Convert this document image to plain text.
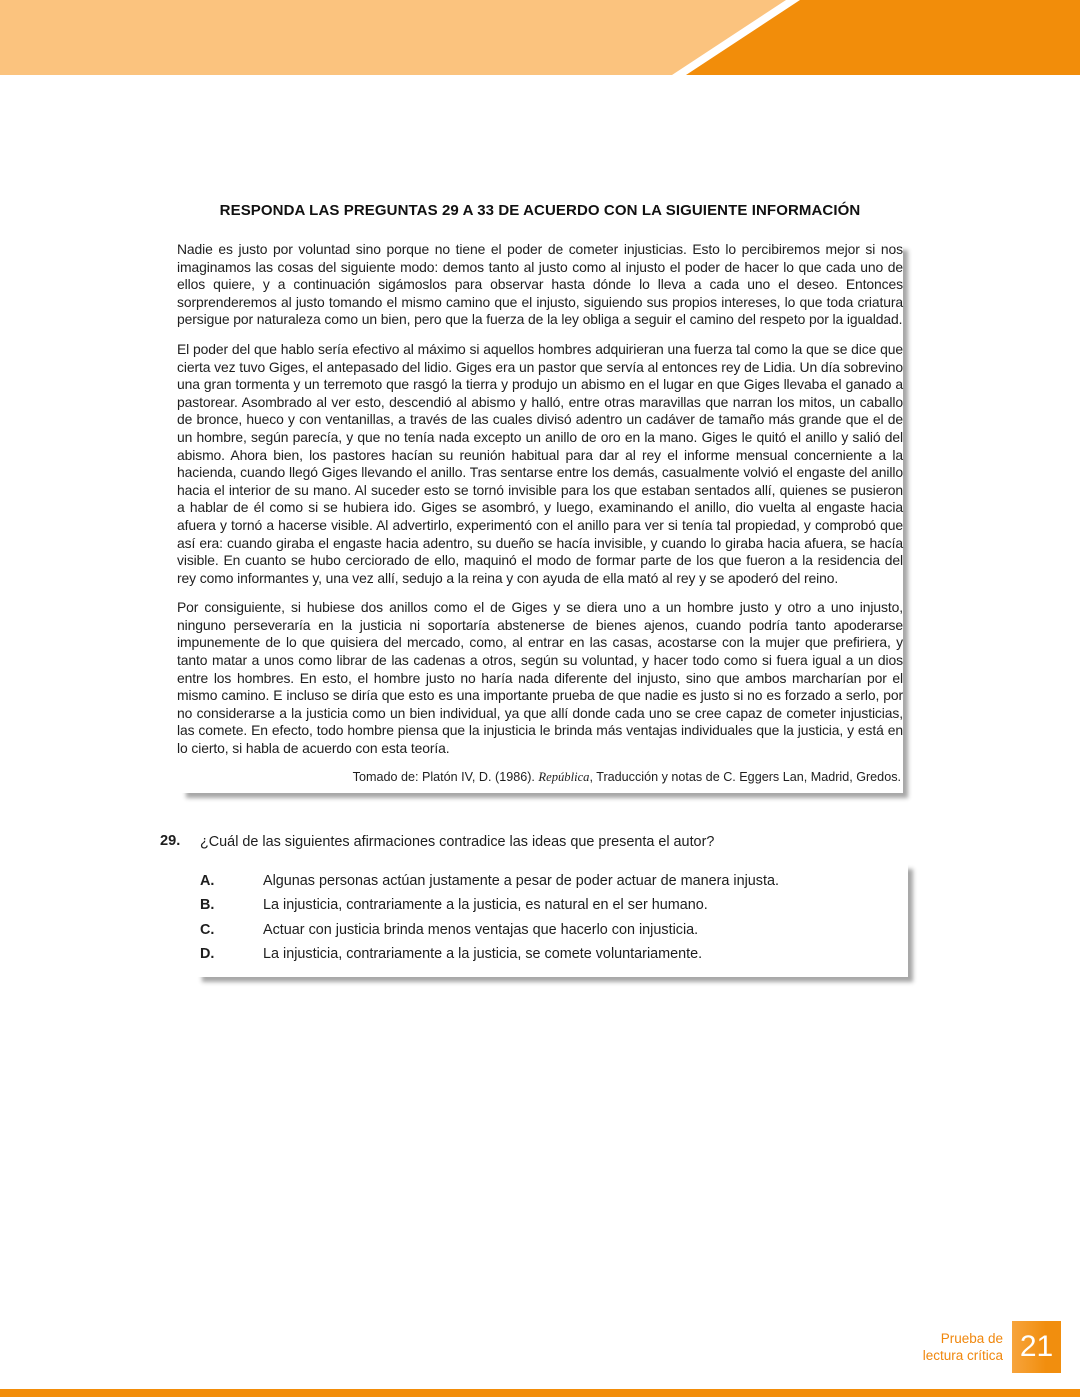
RESPONDA LAS PREGUNTAS 29 A 33 DE ACUERDO CON LA SIGUIENTE INFORMACIÓN

Nadie es justo por voluntad sino porque no tiene el poder de cometer injusticias. Esto lo percibiremos mejor si nos imaginamos las cosas del siguiente modo: demos tanto al justo como al injusto el poder de hacer lo que cada uno de ellos quiere, y a continuación sigámoslos para observar hasta dónde lo lleva a cada uno el deseo. Entonces sorprenderemos al justo tomando el mismo camino que el injusto, siguiendo sus propios intereses, lo que toda criatura persigue por naturaleza como un bien, pero que la fuerza de la ley obliga a seguir el camino del respeto por la igualdad.

El poder del que hablo sería efectivo al máximo si aquellos hombres adquirieran una fuerza tal como la que se dice que cierta vez tuvo Giges, el antepasado del lidio. Giges era un pastor que servía al entonces rey de Lidia. Un día sobrevino una gran tormenta y un terremoto que rasgó la tierra y produjo un abismo en el lugar en que Giges llevaba el ganado a pastorear. Asombrado al ver esto, descendió al abismo y halló, entre otras maravillas que narran los mitos, un caballo de bronce, hueco y con ventanillas, a través de las cuales divisó adentro un cadáver de tamaño más grande que el de un hombre, según parecía, y que no tenía nada excepto un anillo de oro en la mano. Giges le quitó el anillo y salió del abismo. Ahora bien, los pastores hacían su reunión habitual para dar al rey el informe mensual concerniente a la hacienda, cuando llegó Giges llevando el anillo. Tras sentarse entre los demás, casualmente volvió el engaste del anillo hacia el interior de su mano. Al suceder esto se tornó invisible para los que estaban sentados allí, quienes se pusieron a hablar de él como si se hubiera ido. Giges se asombró, y luego, examinando el anillo, dio vuelta al engaste hacia afuera y tornó a hacerse visible. Al advertirlo, experimentó con el anillo para ver si tenía tal propiedad, y comprobó que así era: cuando giraba el engaste hacia adentro, su dueño se hacía invisible, y cuando lo giraba hacia afuera, se hacía visible. En cuanto se hubo cerciorado de ello, maquinó el modo de formar parte de los que fueron a la residencia del rey como informantes y, una vez allí, sedujo a la reina y con ayuda de ella mató al rey y se apoderó del reino.

Por consiguiente, si hubiese dos anillos como el de Giges y se diera uno a un hombre justo y otro a uno injusto, ninguno perseveraría en la justicia ni soportaría abstenerse de bienes ajenos, cuando podría tanto apoderarse impunemente de lo que quisiera del mercado, como, al entrar en las casas, acostarse con la mujer que prefiriera, y tanto matar a unos como librar de las cadenas a otros, según su voluntad, y hacer todo como si fuera igual a un dios entre los hombres. En esto, el hombre justo no haría nada diferente del injusto, sino que ambos marcharían por el mismo camino. E incluso se diría que esto es una importante prueba de que nadie es justo si no es forzado a serlo, por no considerarse a la justicia como un bien individual, ya que allí donde cada uno se cree capaz de cometer injusticias, las comete. En efecto, todo hombre piensa que la injusticia le brinda más ventajas individuales que la justicia, y está en lo cierto, si habla de acuerdo con esta teoría.

Tomado de: Platón IV, D. (1986). República, Traducción y notas de C. Eggers Lan, Madrid, Gredos.
29.	¿Cuál de las siguientes afirmaciones contradice las ideas que presenta el autor?
A.	Algunas personas actúan justamente a pesar de poder actuar de manera injusta.
B.	La injusticia, contrariamente a la justicia, es natural en el ser humano.
C.	Actuar con justicia brinda menos ventajas que hacerlo con injusticia.
D.	La injusticia, contrariamente a la justicia, se comete voluntariamente.
Prueba de
lectura crítica 21
